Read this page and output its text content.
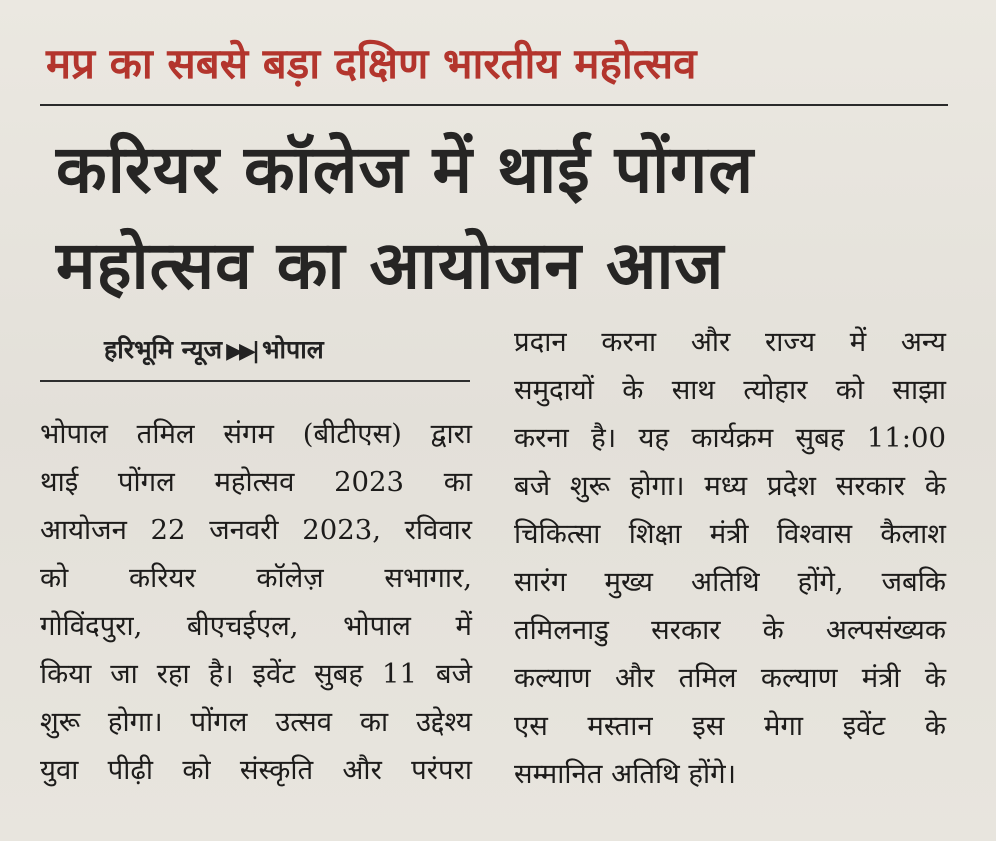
मप्र का सबसे बड़ा दक्षिण भारतीय महोत्सव
करियर कॉलेज में थाई पोंगल
महोत्सव का आयोजन आज
हरिभूमि न्यूज ▶▶| भोपाल
भोपाल तमिल संगम (बीटीएस) द्वारा
थाई पोंगल महोत्सव 2023 का
आयोजन 22 जनवरी 2023, रविवार
को करियर कॉलेज़ सभागार,
गोविंदपुरा, बीएचईएल, भोपाल में
किया जा रहा है। इवेंट सुबह 11 बजे
शुरू होगा। पोंगल उत्सव का उद्देश्य
युवा पीढ़ी को संस्कृति और परंपरा
प्रदान करना और राज्य में अन्य
समुदायों के साथ त्योहार को साझा
करना है। यह कार्यक्रम सुबह 11:00
बजे शुरू होगा। मध्य प्रदेश सरकार के
चिकित्सा शिक्षा मंत्री विश्वास कैलाश
सारंग मुख्य अतिथि होंगे, जबकि
तमिलनाडु सरकार के अल्पसंख्यक
कल्याण और तमिल कल्याण मंत्री के
एस मस्तान इस मेगा इवेंट के
सम्मानित अतिथि होंगे।
